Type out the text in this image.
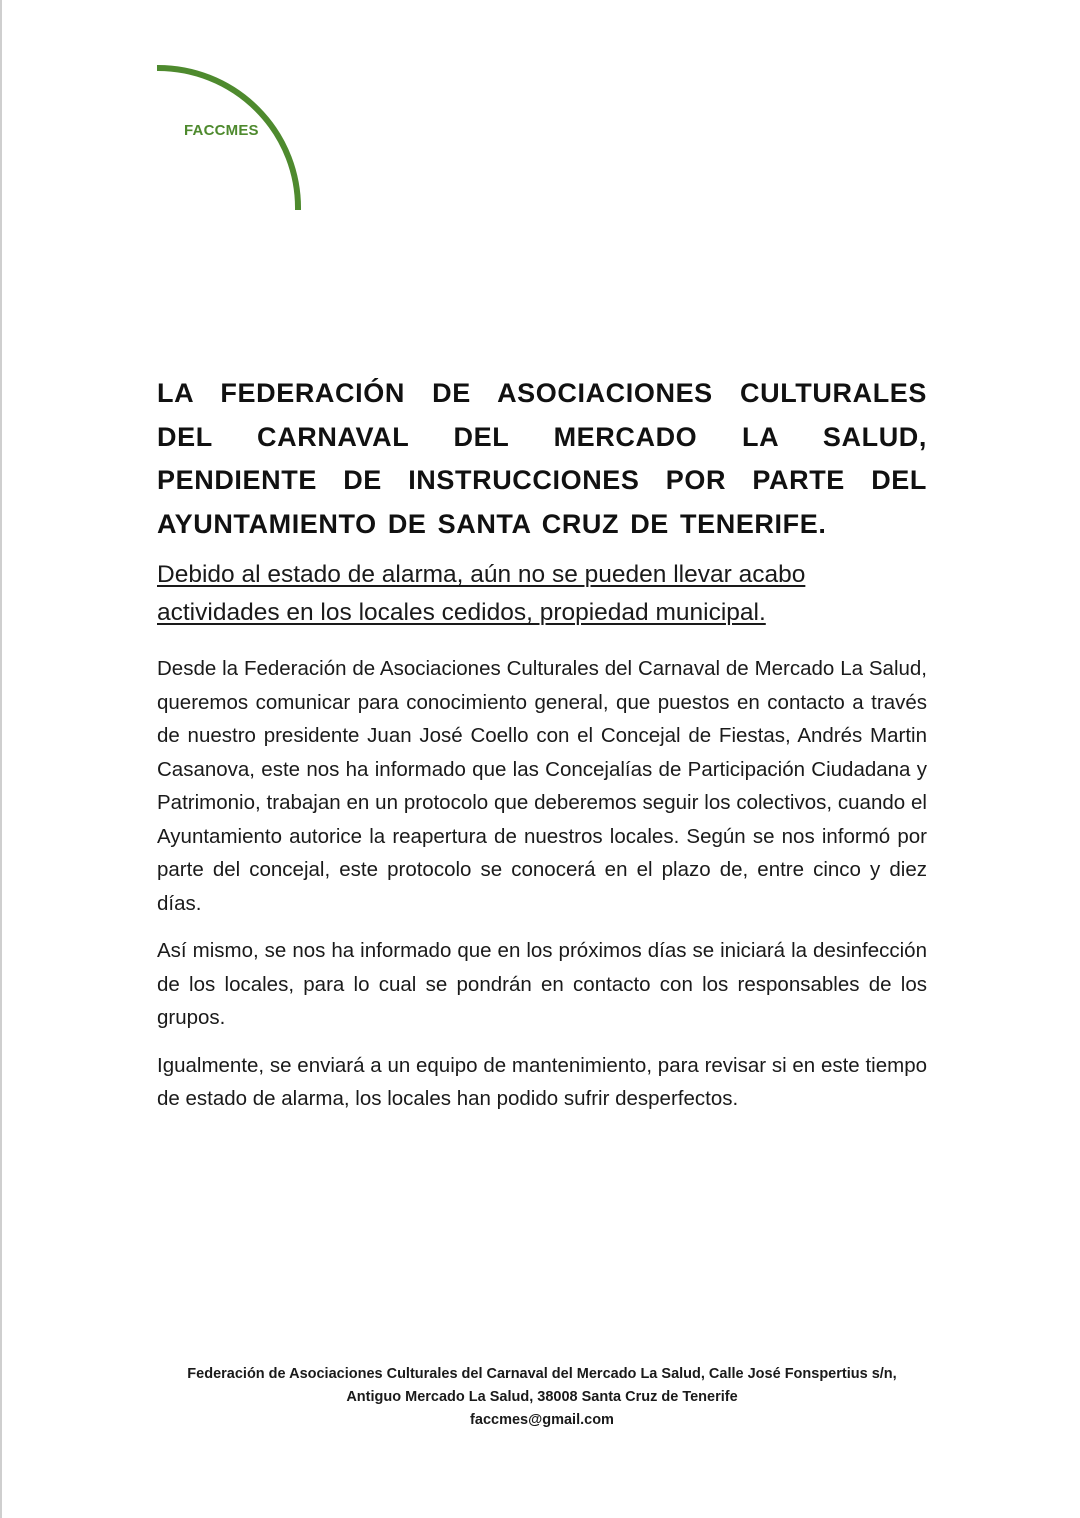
FACCMES
LA FEDERACIÓN DE ASOCIACIONES CULTURALES DEL CARNAVAL DEL MERCADO LA SALUD, PENDIENTE DE INSTRUCCIONES POR PARTE DEL AYUNTAMIENTO DE SANTA CRUZ DE TENERIFE.

Debido al estado de alarma, aún no se pueden llevar acabo actividades en los locales cedidos, propiedad municipal.

Desde la Federación de Asociaciones Culturales del Carnaval de Mercado La Salud, queremos comunicar para conocimiento general, que puestos en contacto a través de nuestro presidente Juan José Coello con el Concejal de Fiestas, Andrés Martin Casanova, este nos ha informado que las Concejalías de Participación Ciudadana y Patrimonio, trabajan en un protocolo que deberemos seguir los colectivos, cuando el Ayuntamiento autorice la reapertura de nuestros locales. Según se nos informó por parte del concejal, este protocolo se conocerá en el plazo de, entre cinco y diez días.

Así mismo, se nos ha informado que en los próximos días se iniciará la desinfección de los locales, para lo cual se pondrán en contacto con los responsables de los grupos.

Igualmente, se enviará a un equipo de mantenimiento, para revisar si en este tiempo de estado de alarma, los locales han podido sufrir desperfectos.

Federación de Asociaciones Culturales del Carnaval del Mercado La Salud, Calle José Fonspertius s/n,
Antiguo Mercado La Salud, 38008 Santa Cruz de Tenerife
faccmes@gmail.com
